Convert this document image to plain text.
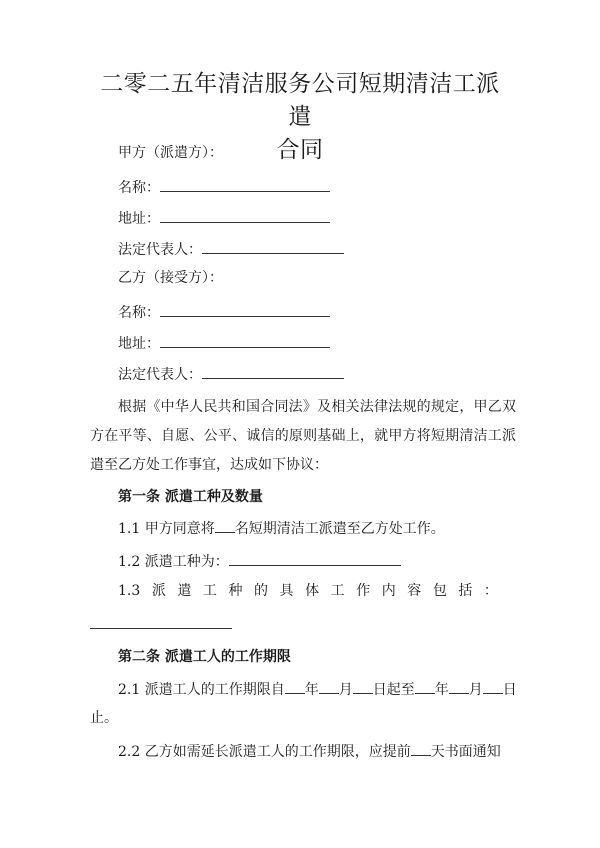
二零二五年清洁服务公司短期清洁工派遣
合同
甲方（派遣方）：
名称：
地址：
法定代表人：
乙方（接受方）：
名称：
地址：
法定代表人：
根据《中华人民共和国合同法》及相关法律法规的规定，甲乙双方在平等、自愿、公平、诚信的原则基础上，就甲方将短期清洁工派遣至乙方处工作事宜，达成如下协议：
第一条 派遣工种及数量
1.1 甲方同意将 名短期清洁工派遣至乙方处工作。
1.2 派遣工种为：
1.3 派 遣 工 种 的 具 体 工 作 内 容 包 括 ：
第二条 派遣工人的工作期限
2.1 派遣工人的工作期限自 年 月 日起至 年 月 日
止。
2.2 乙方如需延长派遣工人的工作期限，应提前 天书面通知
